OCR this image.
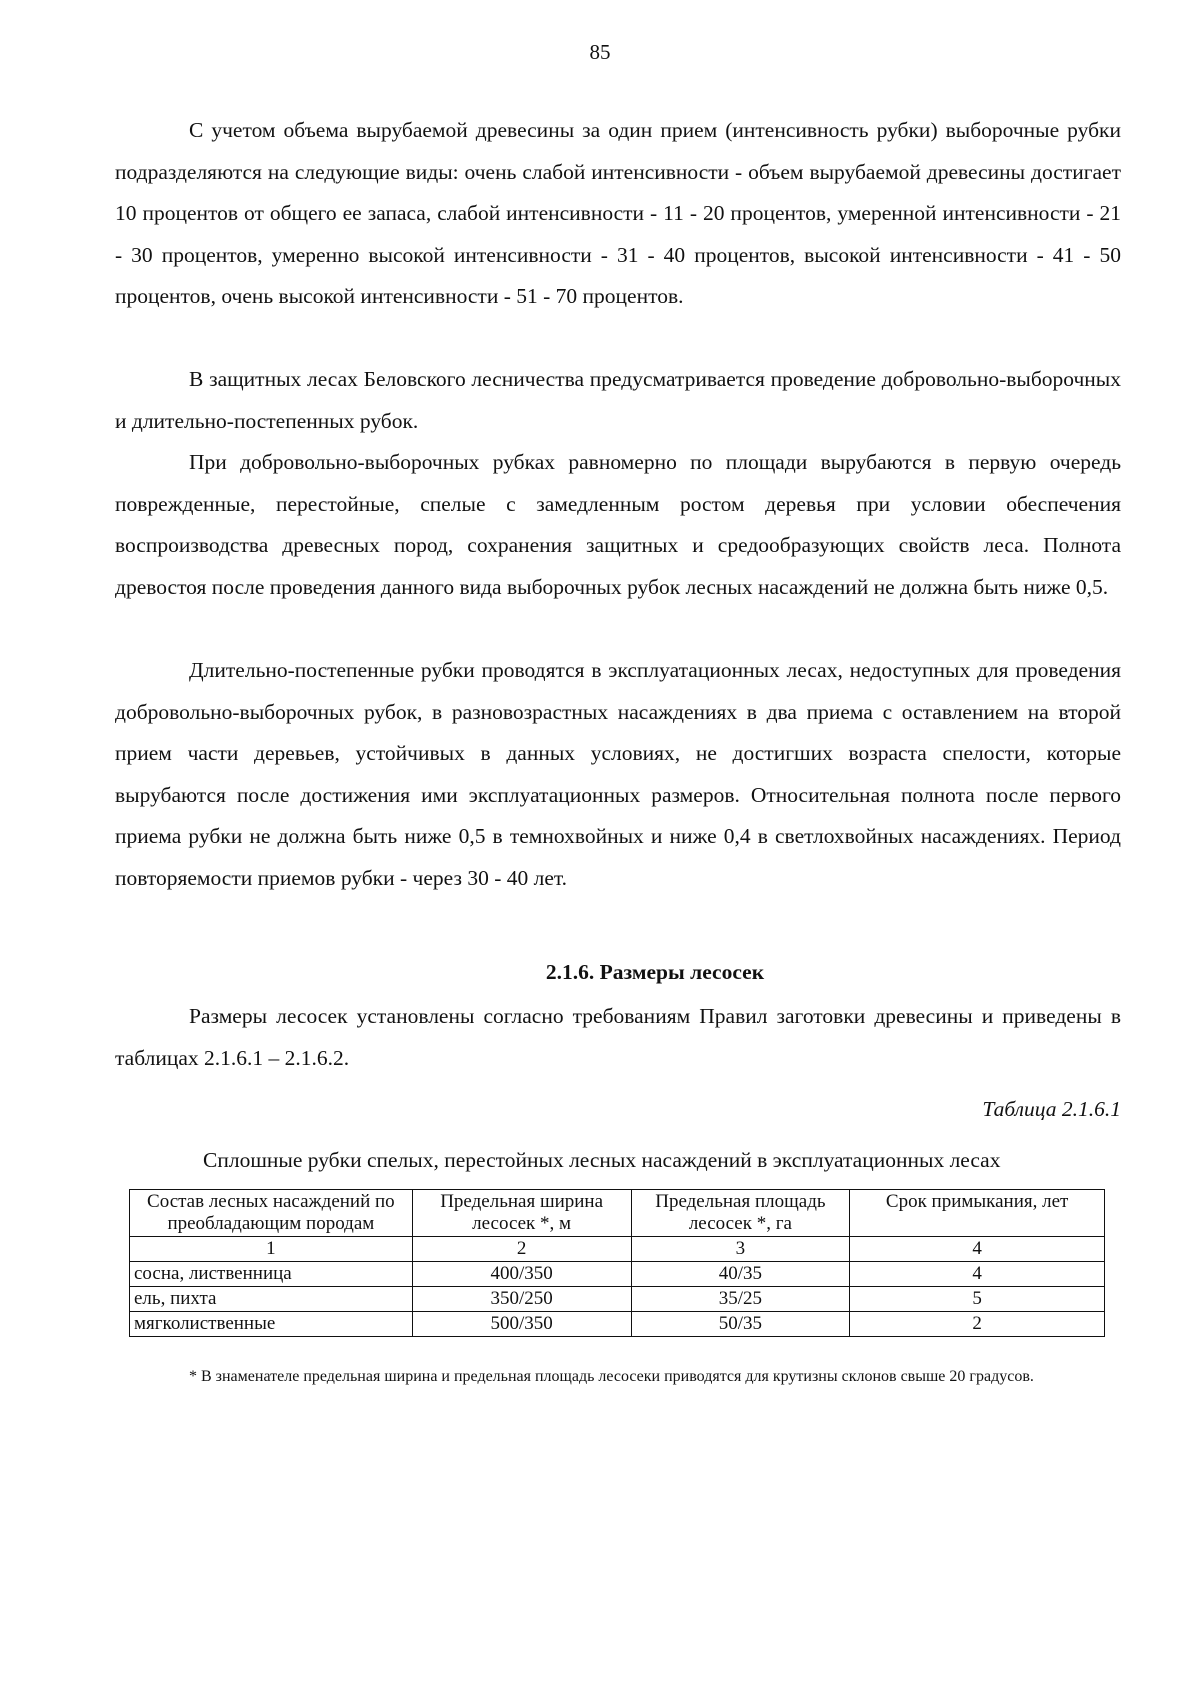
85

С учетом объема вырубаемой древесины за один прием (интенсивность рубки) выборочные рубки подразделяются на следующие виды: очень слабой интенсивности - объем вырубаемой древесины достигает 10 процентов от общего ее запаса, слабой интенсивности - 11 - 20 процентов, умеренной интенсивности - 21 - 30 процентов, умеренно высокой интенсивности - 31 - 40 процентов, высокой интенсивности - 41 - 50 процентов, очень высокой интенсивности - 51 - 70 процентов.

В защитных лесах Беловского лесничества предусматривается проведение добровольно-выборочных и длительно-постепенных рубок.

При добровольно-выборочных рубках равномерно по площади вырубаются в первую очередь поврежденные, перестойные, спелые с замедленным ростом деревья при условии обеспечения воспроизводства древесных пород, сохранения защитных и средообразующих свойств леса. Полнота древостоя после проведения данного вида выборочных рубок лесных насаждений не должна быть ниже 0,5.

Длительно-постепенные рубки проводятся в эксплуатационных лесах, недоступных для проведения добровольно-выборочных рубок, в разновозрастных насаждениях в два приема с оставлением на второй прием части деревьев, устойчивых в данных условиях, не достигших возраста спелости, которые вырубаются после достижения ими эксплуатационных размеров. Относительная полнота после первого приема рубки не должна быть ниже 0,5 в темнохвойных и ниже 0,4 в светлохвойных насаждениях. Период повторяемости приемов рубки - через 30 - 40 лет.

2.1.6. Размеры лесосек

Размеры лесосек установлены согласно требованиям Правил заготовки древесины и приведены в таблицах 2.1.6.1 – 2.1.6.2.

Таблица 2.1.6.1
Сплошные рубки спелых, перестойных лесных насаждений в эксплуатационных лесах
Состав лесных насаждений по преобладающим породам	Предельная ширина лесосек *, м	Предельная площадь лесосек *, га	Срок примыкания, лет
1	2	3	4
сосна, лиственница	400/350	40/35	4
ель, пихта	350/250	35/25	5
мягколиственные	500/350	50/35	2
* В знаменателе предельная ширина и предельная площадь лесосеки приводятся для крутизны склонов свыше 20 градусов.
